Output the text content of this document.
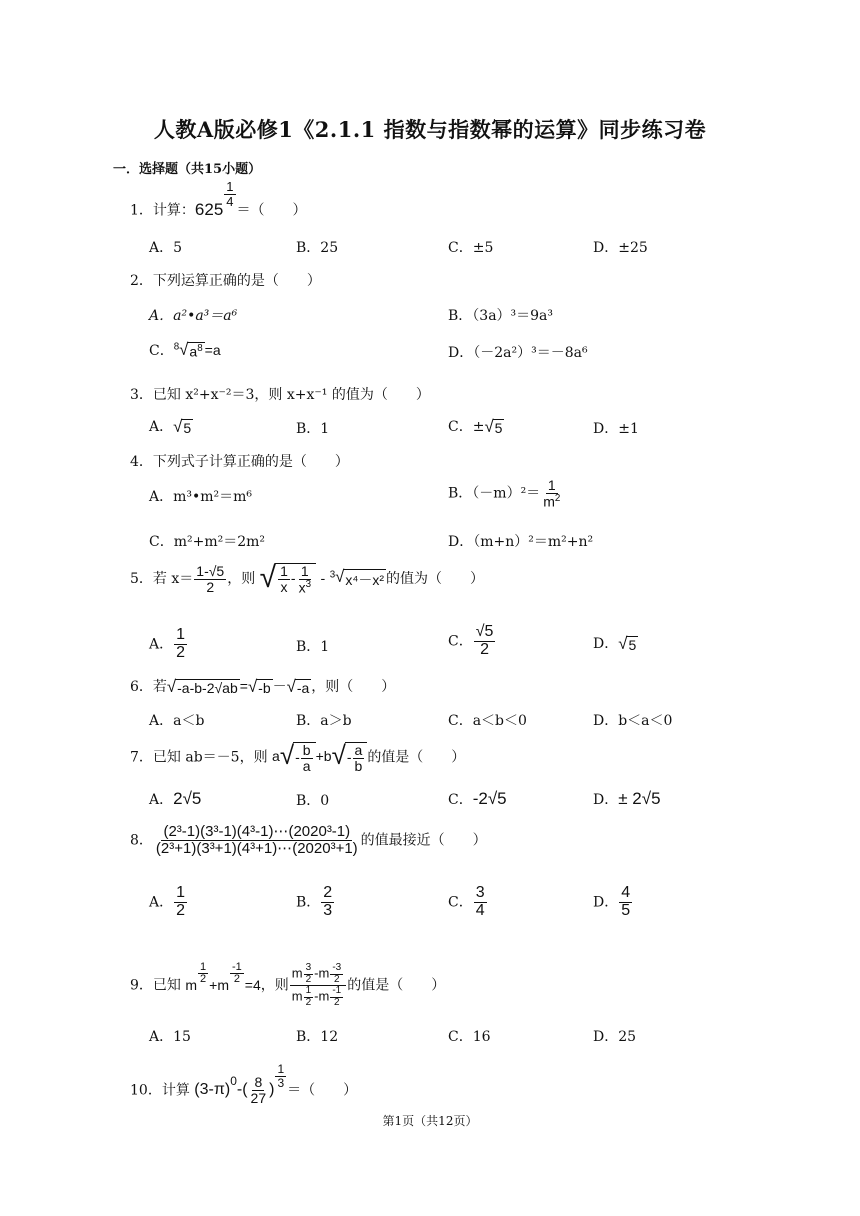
人教A版必修1《2.1.1 指数与指数幂的运算》同步练习卷
一．选择题（共15小题）
1．计算：625
$\frac{1}{4}$
＝（　　）
A．5	B．25	C．±5	D．±25
2．下列运算正确的是（　　）
A．a²•a³＝a⁶	B．（3a）³＝9a³
C．$^8$ √ $a^8 =a$	D．（－2a²）³＝－8a⁶
3．已知 x²+x⁻²＝3，则 x+x⁻¹ 的值为（　　）
A． √ 5	B．1	C．± √ 5	D．±1
4．下列式子计算正确的是（　　）
A．m³•m²＝m⁶	B．$(-m)^2= \frac{1}{m^2}$
C．m²+m²＝2m²	D．（m+n）²＝m²+n²
5．若 $x= \frac{1-√5}{2}$ ，则 √ $\frac{1}{x} - \frac{1}{x^3} - ^3$ √ x⁴－x² 的值为（　　）
A． $\frac{1}{2}$	B．1	C． $\frac{√5}{2}$	D． √ 5
6．若 √ -a-b-2√ab = √ -b － √ -a ，则（　　）
A．a＜b	B．a＞b	C．a＜b＜0	D．b＜a＜0
7．已知 ab＝－5，则 a √ - $\frac{b}{a} +b$ √ - $\frac{a}{b}$ 的值是（　　）
A．2√5	B．0	C．-2√5	D．± 2√5
8． $\frac{\text{(2³-1)(3³-1)(4³-1)⋯(2020³-1)}}{\text{(2³+1)(3³+1)(4³+1)⋯(2020³+1)}}$ 的值最接近（　　）
A． $\frac{1}{2}$	B． $\frac{2}{3}$	C． $\frac{3}{4}$	D． $\frac{4}{5}$
9．已知 m $\frac{1}{2} +m \frac{-1}{2} =4$，则 $\frac{m \frac{3}{2} -m \frac{-3}{2}}{m \frac{1}{2} -m \frac{-1}{2}}$ 的值是（　　）
A．15	B．12	C．16	D．25
10．计算 $(3-\pi)^0-( \frac{8}{27}$ )
$\frac{1}{3}$
＝（　　）
第1页（共12页）
